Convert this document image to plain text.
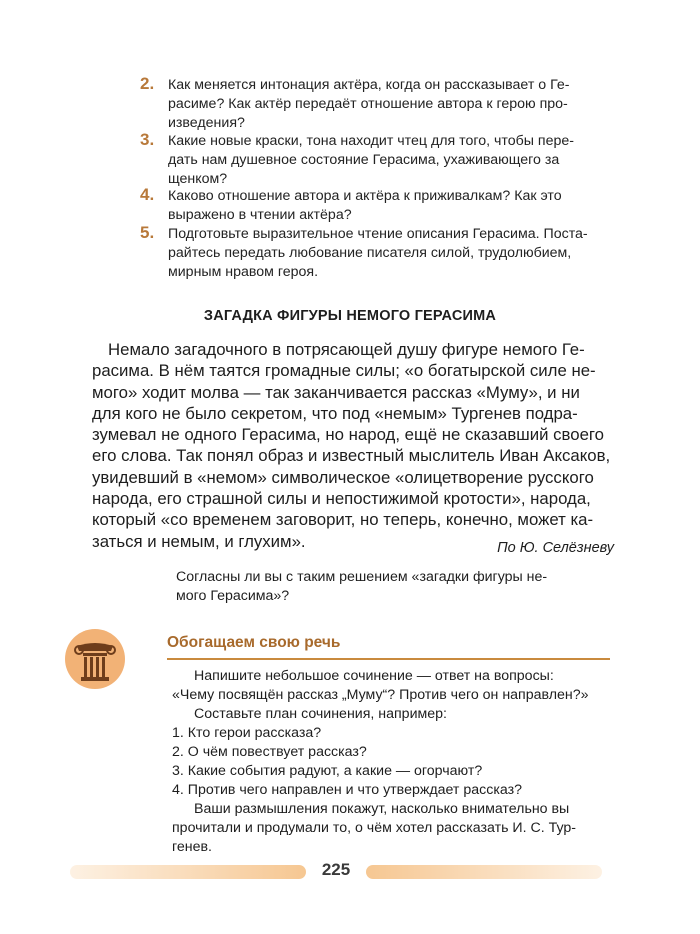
2. Как меняется интонация актёра, когда он рассказывает о Ге-
расиме? Как актёр передаёт отношение автора к герою про-
изведения?
3. Какие новые краски, тона находит чтец для того, чтобы пере-
дать нам душевное состояние Герасима, ухаживающего за
щенком?
4. Каково отношение автора и актёра к приживалкам? Как это
выражено в чтении актёра?
5. Подготовьте выразительное чтение описания Герасима. Поста-
райтесь передать любование писателя силой, трудолюбием,
мирным нравом героя.
ЗАГАДКА ФИГУРЫ НЕМОГО ГЕРАСИМА
Немало загадочного в потрясающей душу фигуре немого Ге-
расима. В нём таятся громадные силы; «о богатырской силе не-
мого» ходит молва — так заканчивается рассказ «Муму», и ни
для кого не было секретом, что под «немым» Тургенев подра-
зумевал не одного Герасима, но народ, ещё не сказавший своего
его слова. Так понял образ и известный мыслитель Иван Аксаков,
увидевший в «немом» символическое «олицетворение русского
народа, его страшной силы и непостижимой кротости», народа,
который «со временем заговорит, но теперь, конечно, может ка-
заться и немым, и глухим».	По Ю. Селёзневу
Согласны ли вы с таким решением «загадки фигуры не-
мого Герасима»?
Обогащаем свою речь
Напишите небольшое сочинение — ответ на вопросы:
«Чему посвящён рассказ „Муму“? Против чего он направлен?»
Составьте план сочинения, например:
1. Кто герои рассказа?
2. О чём повествует рассказ?
3. Какие события радуют, а какие — огорчают?
4. Против чего направлен и что утверждает рассказ?
Ваши размышления покажут, насколько внимательно вы
прочитали и продумали то, о чём хотел рассказать И. С. Тур-
генев.
225
